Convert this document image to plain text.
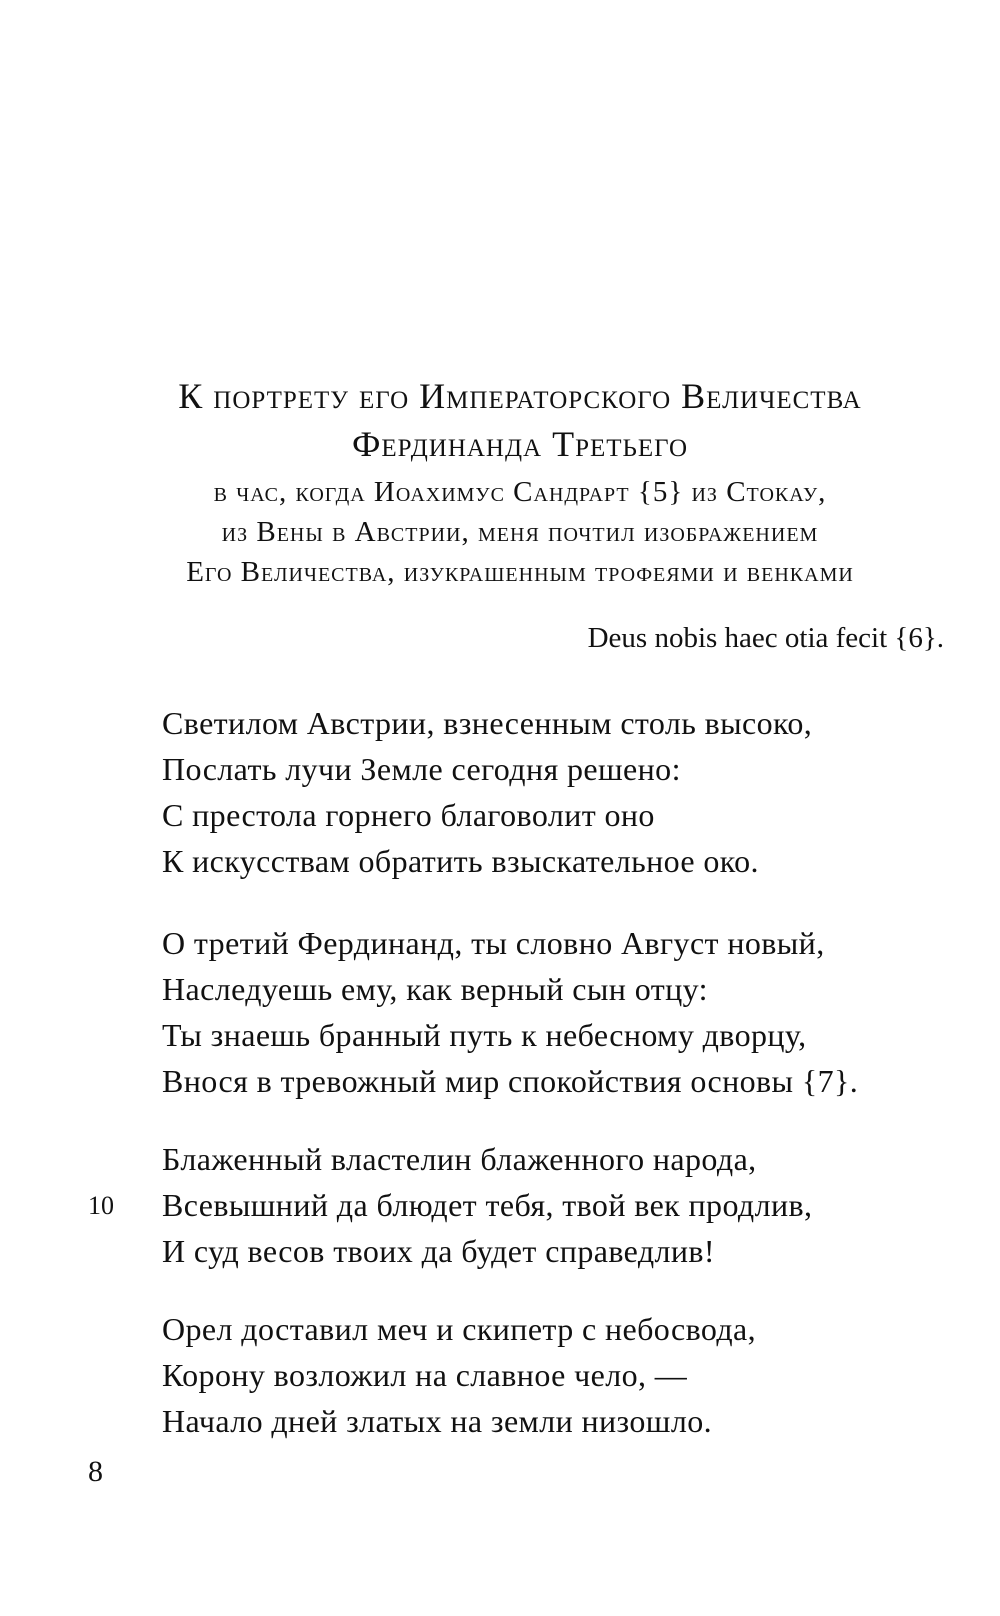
К портрету его Императорского Величества
Фердинанда Третьего
в час, когда Иоахимус Сандрарт {5} из Стокау,
из Вены в Австрии, меня почтил изображением
Его Величества, изукрашенным трофеями и венками
Deus nobis haec otia fecit {6}.
Светилом Австрии, взнесенным столь высоко,
Послать лучи Земле сегодня решено:
С престола горнего благоволит оно
К искусствам обратить взыскательное око.
О третий Фердинанд, ты словно Август новый,
Наследуешь ему, как верный сын отцу:
Ты знаешь бранный путь к небесному дворцу,
Внося в тревожный мир спокойствия основы {7}.
Блаженный властелин блаженного народа,
Всевышний да блюдет тебя, твой век продлив,
И суд весов твоих да будет справедлив!
10
Орел доставил меч и скипетр с небосвода,
Корону возложил на славное чело, —
Начало дней златых на земли низошло.
8
